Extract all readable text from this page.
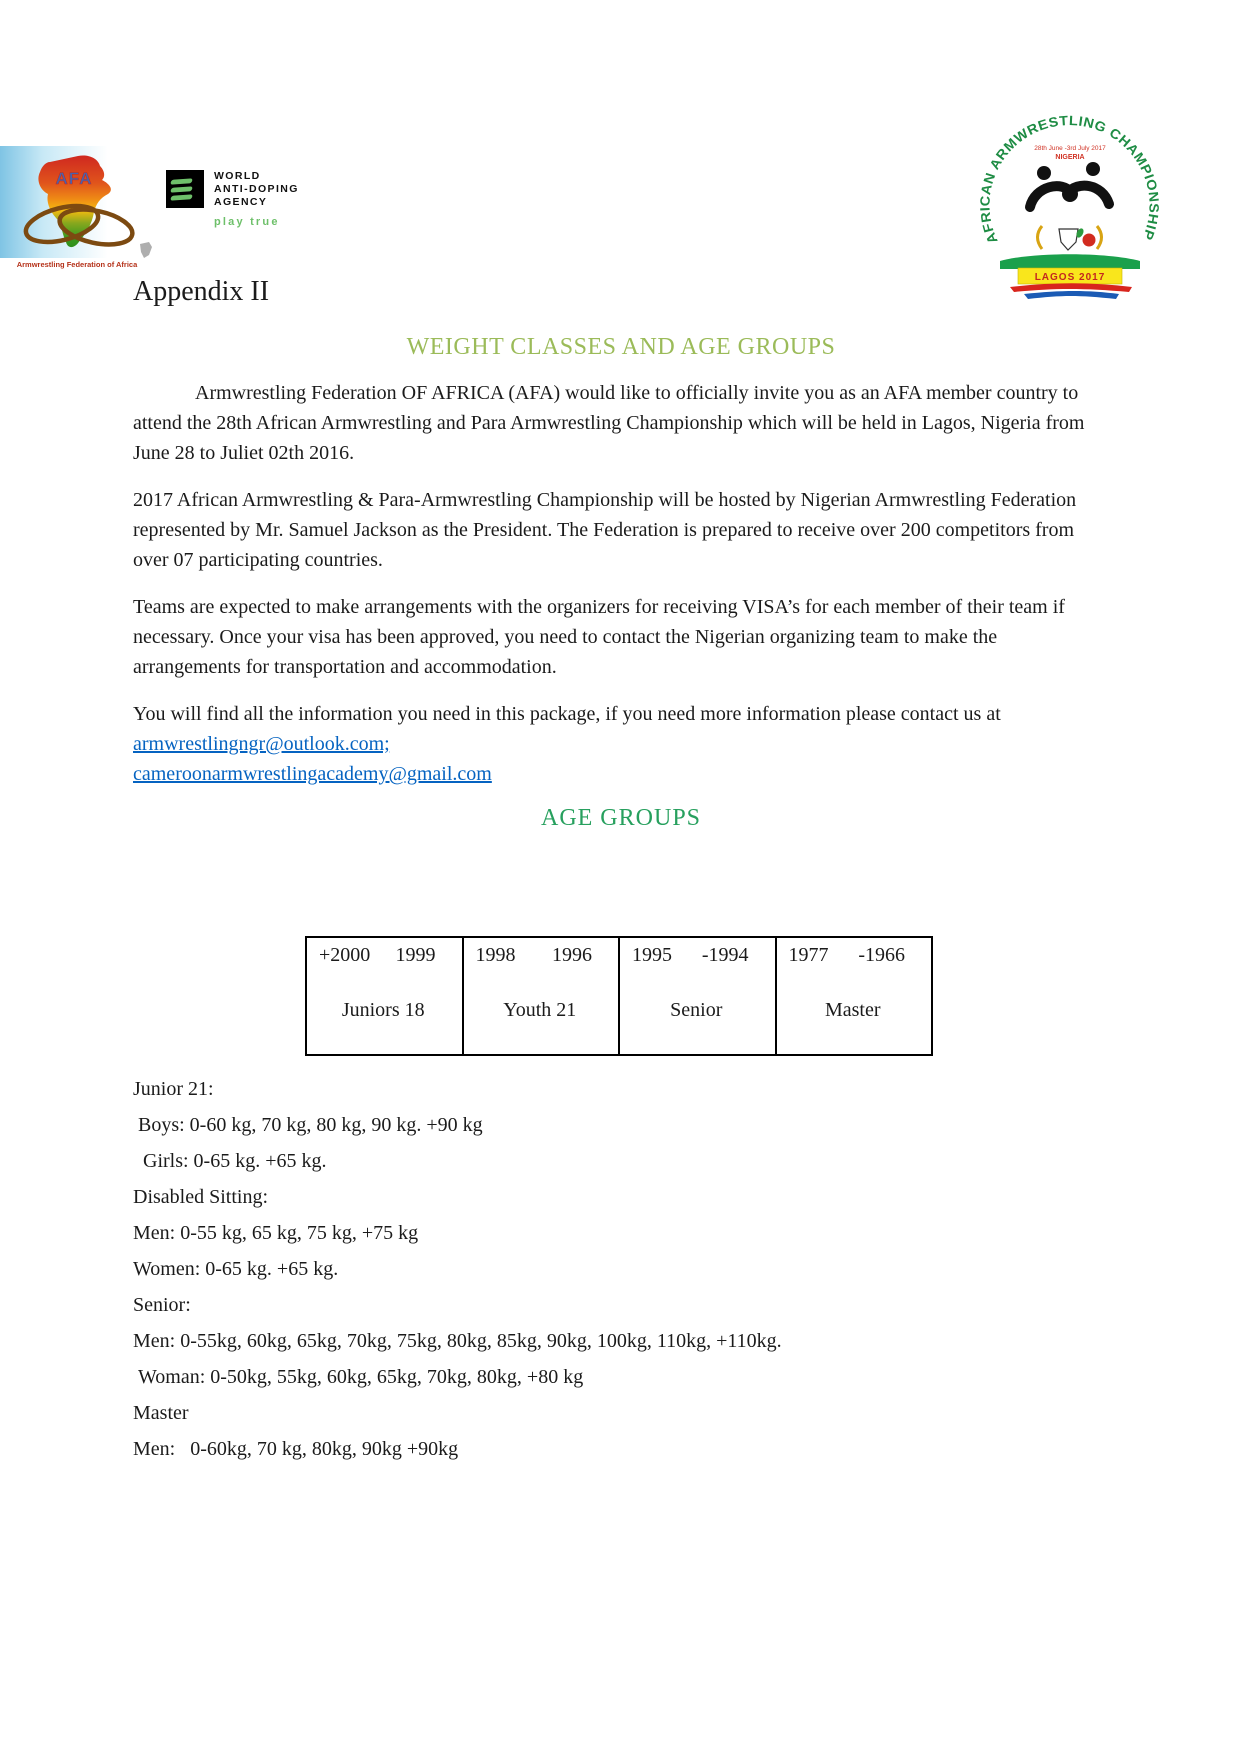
AFA
Armwrestling Federation of Africa
WORLD
ANTI-DOPING
AGENCY
play true
AFRICAN ARMWRESTLING CHAMPIONSHIP
28th June -3rd July 2017
NIGERIA
LAGOS 2017
Appendix II
WEIGHT CLASSES AND AGE GROUPS

Armwrestling Federation OF AFRICA (AFA) would like to officially invite you as an AFA member country to attend the 28th African Armwrestling and Para Armwrestling Championship which will be held in Lagos, Nigeria from June 28 to Juliet 02th 2016.

2017 African Armwrestling & Para-Armwrestling Championship will be hosted by Nigerian Armwrestling Federation represented by Mr. Samuel Jackson as the President. The Federation is prepared to receive over 200 competitors from over 07 participating countries.

Teams are expected to make arrangements with the organizers for receiving VISA’s for each member of their team if necessary. Once your visa has been approved, you need to contact the Nigerian organizing team to make the arrangements for transportation and accommodation.

You will find all the information you need in this package, if you need more information please contact us at armwrestlingngr@outlook.com;
cameroonarmwrestlingacademy@gmail.com

AGE GROUPS
+2000 1999
Juniors 18
1998 1996
Youth 21
1995 -1994
Senior
1977 -1966
Master
Junior 21:
Boys: 0-60 kg, 70 kg, 80 kg, 90 kg. +90 kg
Girls: 0-65 kg. +65 kg.
Disabled Sitting:
Men: 0-55 kg, 65 kg, 75 kg, +75 kg
Women: 0-65 kg. +65 kg.
Senior:
Men: 0-55kg, 60kg, 65kg, 70kg, 75kg, 80kg, 85kg, 90kg, 100kg, 110kg, +110kg.
Woman: 0-50kg, 55kg, 60kg, 65kg, 70kg, 80kg, +80 kg
Master
Men:   0-60kg, 70 kg, 80kg, 90kg +90kg
